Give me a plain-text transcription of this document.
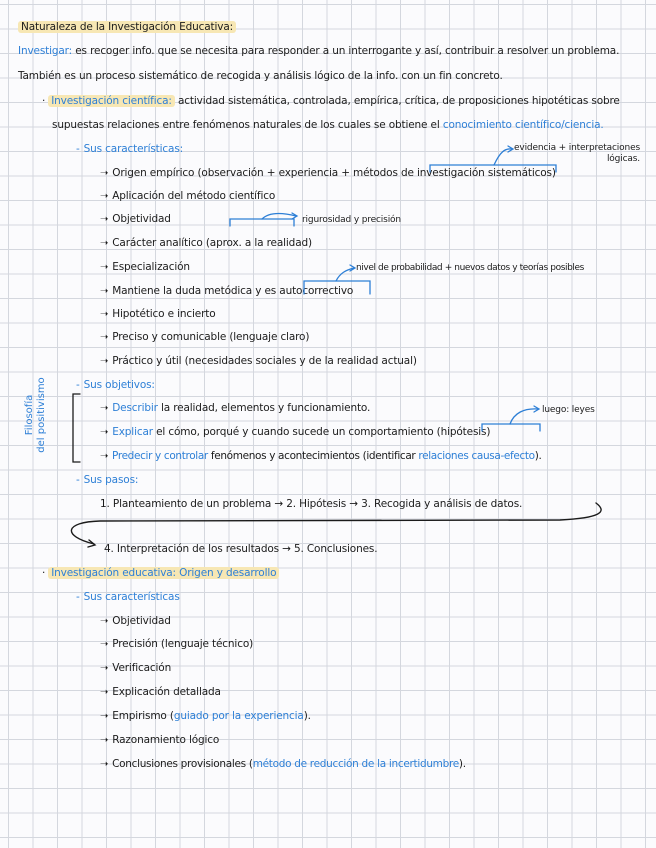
Naturaleza de la Investigación Educativa:
Investigar: es recoger info. que se necesita para responder a un interrogante y así, contribuir a resolver un problema.
También es un proceso sistemático de recogida y análisis lógico de la info. con un fin concreto.
· Investigación científica: actividad sistemática, controlada, empírica, crítica, de proposiciones hipotéticas sobre
supuestas relaciones entre fenómenos naturales de los cuales se obtiene el conocimiento científico/ciencia.
- Sus características:
➝ Origen empírico (observación + experiencia + métodos de investigación sistemáticos)
➝ Aplicación del método científico
➝ Objetividad
➝ Carácter analítico (aprox. a la realidad)
➝ Especialización
➝ Mantiene la duda metódica y es autocorrectivo
➝ Hipotético e incierto
➝ Preciso y comunicable (lenguaje claro)
➝ Práctico y útil (necesidades sociales y de la realidad actual)
evidencia + interpretaciones lógicas.
rigurosidad y precisión
nivel de probabilidad + nuevos datos y teorías posibles
- Sus objetivos:
➝ Describir la realidad, elementos y funcionamiento.
➝ Explicar el cómo, porqué y cuando sucede un comportamiento (hipótesis)
➝ Predecir y controlar fenómenos y acontecimientos (identificar relaciones causa-efecto).
luego: leyes
Filosofía del positivismo
- Sus pasos:
1. Planteamiento de un problema → 2. Hipótesis → 3. Recogida y análisis de datos.
4. Interpretación de los resultados → 5. Conclusiones.
· Investigación educativa: Origen y desarrollo
- Sus características
➝ Objetividad
➝ Precisión (lenguaje técnico)
➝ Verificación
➝ Explicación detallada
➝ Empirismo (guiado por la experiencia).
➝ Razonamiento lógico
➝ Conclusiones provisionales (método de reducción de la incertidumbre).
